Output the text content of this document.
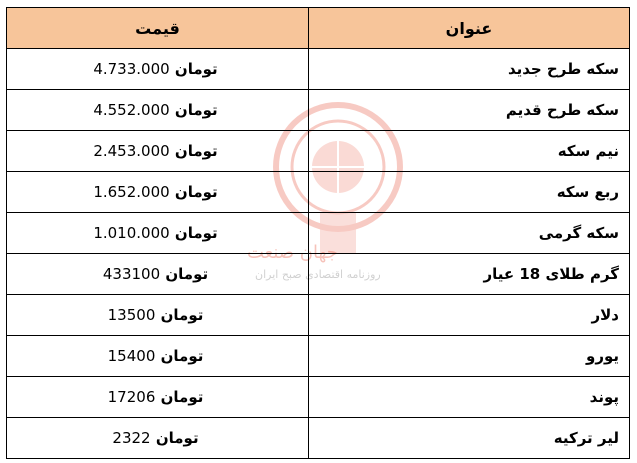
جهان صنعت
روزنامه اقتصادی صبح ایران
عنوان	قیمت
سکه طرح جدید	تومان 4.733.000
سکه طرح قدیم	تومان 4.552.000
نیم سکه	تومان 2.453.000
ربع سکه	تومان 1.652.000
سکه گرمی	تومان 1.010.000
گرم طلای 18 عیار	تومان 433100
دلار	تومان 13500
یورو	تومان 15400
پوند	تومان 17206
لیر ترکیه	تومان 2322
